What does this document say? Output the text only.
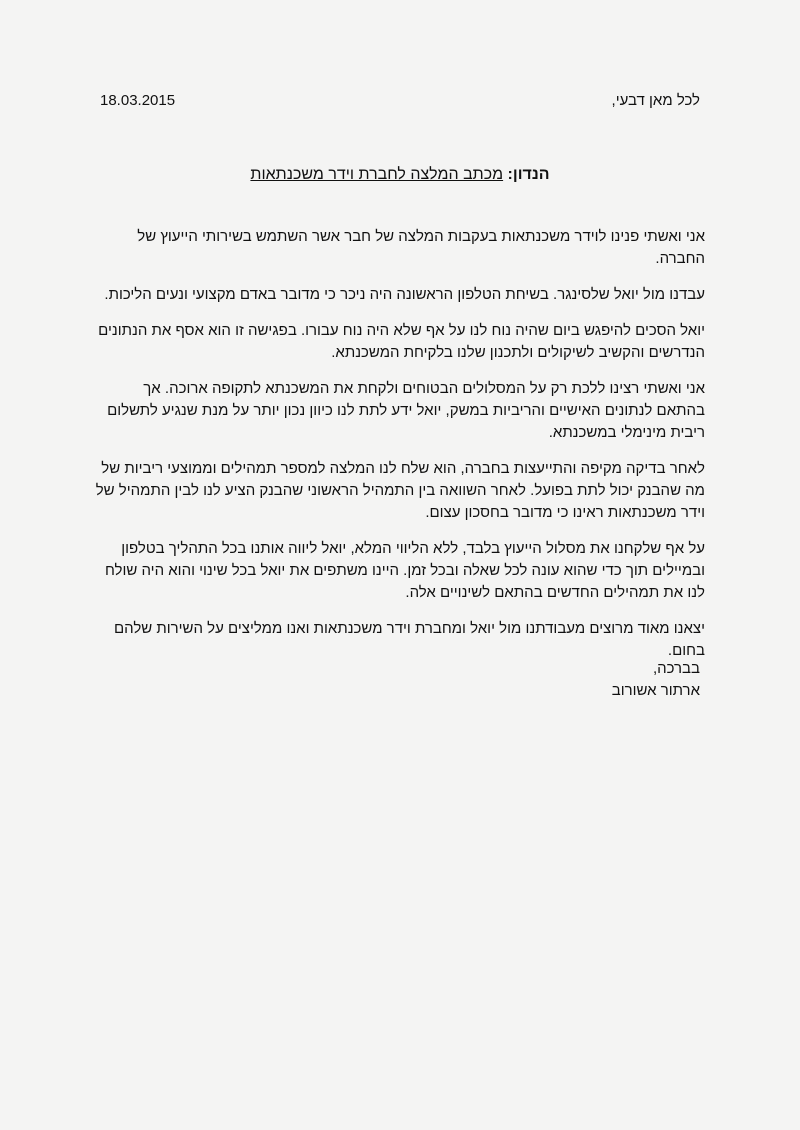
18.03.2015	לכל מאן דבעי,
הנדון: מכתב המלצה לחברת וידר משכנתאות

אני ואשתי פנינו לוידר משכנתאות בעקבות המלצה של חבר אשר השתמש בשירותי הייעוץ של החברה.

עבדנו מול יואל שלסינגר. בשיחת הטלפון הראשונה היה ניכר כי מדובר באדם מקצועי ונעים הליכות.

יואל הסכים להיפגש ביום שהיה נוח לנו על אף שלא היה נוח עבורו. בפגישה זו הוא אסף את הנתונים הנדרשים והקשיב לשיקולים ולתכנון שלנו בלקיחת המשכנתא.

אני ואשתי רצינו ללכת רק על המסלולים הבטוחים ולקחת את המשכנתא לתקופה ארוכה. אך בהתאם לנתונים האישיים והריביות במשק, יואל ידע לתת לנו כיוון נכון יותר על מנת שנגיע לתשלום ריבית מינימלי במשכנתא.

לאחר בדיקה מקיפה והתייעצות בחברה, הוא שלח לנו המלצה למספר תמהילים וממוצעי ריביות של מה שהבנק יכול לתת בפועל. לאחר השוואה בין התמהיל הראשוני שהבנק הציע לנו לבין התמהיל של וידר משכנתאות ראינו כי מדובר בחסכון עצום.

על אף שלקחנו את מסלול הייעוץ בלבד, ללא הליווי המלא, יואל ליווה אותנו בכל התהליך בטלפון ובמיילים תוך כדי שהוא עונה לכל שאלה ובכל זמן. היינו משתפים את יואל בכל שינוי והוא היה שולח לנו את תמהילים החדשים בהתאם לשינויים אלה.

יצאנו מאוד מרוצים מעבודתנו מול יואל ומחברת וידר משכנתאות ואנו ממליצים על השירות שלהם בחום.

בברכה,
ארתור אשורוב
